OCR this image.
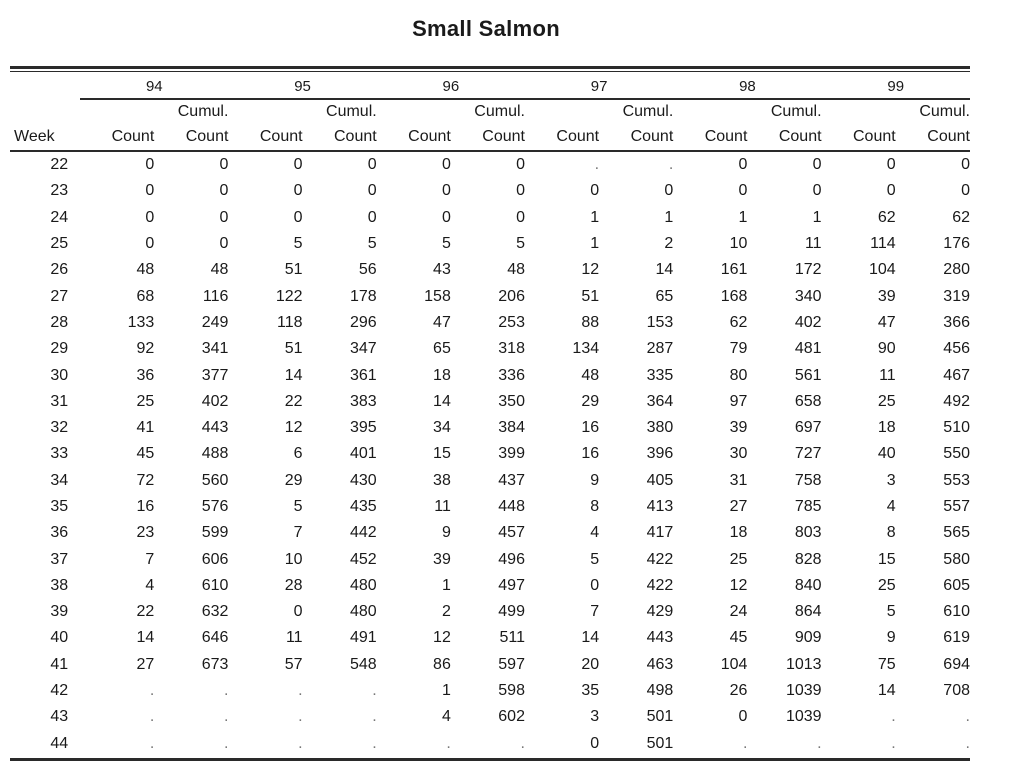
Small Salmon
	94		95		96		97		98		99	
		Cumul.		Cumul.		Cumul.		Cumul.		Cumul.		Cumul.
Week	Count	Count	Count	Count	Count	Count	Count	Count	Count	Count	Count	Count
22	0	0	0	0	0	0	.	.	0	0	0	0
23	0	0	0	0	0	0	0	0	0	0	0	0
24	0	0	0	0	0	0	1	1	1	1	62	62
25	0	0	5	5	5	5	1	2	10	11	114	176
26	48	48	51	56	43	48	12	14	161	172	104	280
27	68	116	122	178	158	206	51	65	168	340	39	319
28	133	249	118	296	47	253	88	153	62	402	47	366
29	92	341	51	347	65	318	134	287	79	481	90	456
30	36	377	14	361	18	336	48	335	80	561	11	467
31	25	402	22	383	14	350	29	364	97	658	25	492
32	41	443	12	395	34	384	16	380	39	697	18	510
33	45	488	6	401	15	399	16	396	30	727	40	550
34	72	560	29	430	38	437	9	405	31	758	3	553
35	16	576	5	435	11	448	8	413	27	785	4	557
36	23	599	7	442	9	457	4	417	18	803	8	565
37	7	606	10	452	39	496	5	422	25	828	15	580
38	4	610	28	480	1	497	0	422	12	840	25	605
39	22	632	0	480	2	499	7	429	24	864	5	610
40	14	646	11	491	12	511	14	443	45	909	9	619
41	27	673	57	548	86	597	20	463	104	1013	75	694
42	.	.	.	.	1	598	35	498	26	1039	14	708
43	.	.	.	.	4	602	3	501	0	1039	.	.
44	.	.	.	.	.	.	0	501	.	.	.	.
